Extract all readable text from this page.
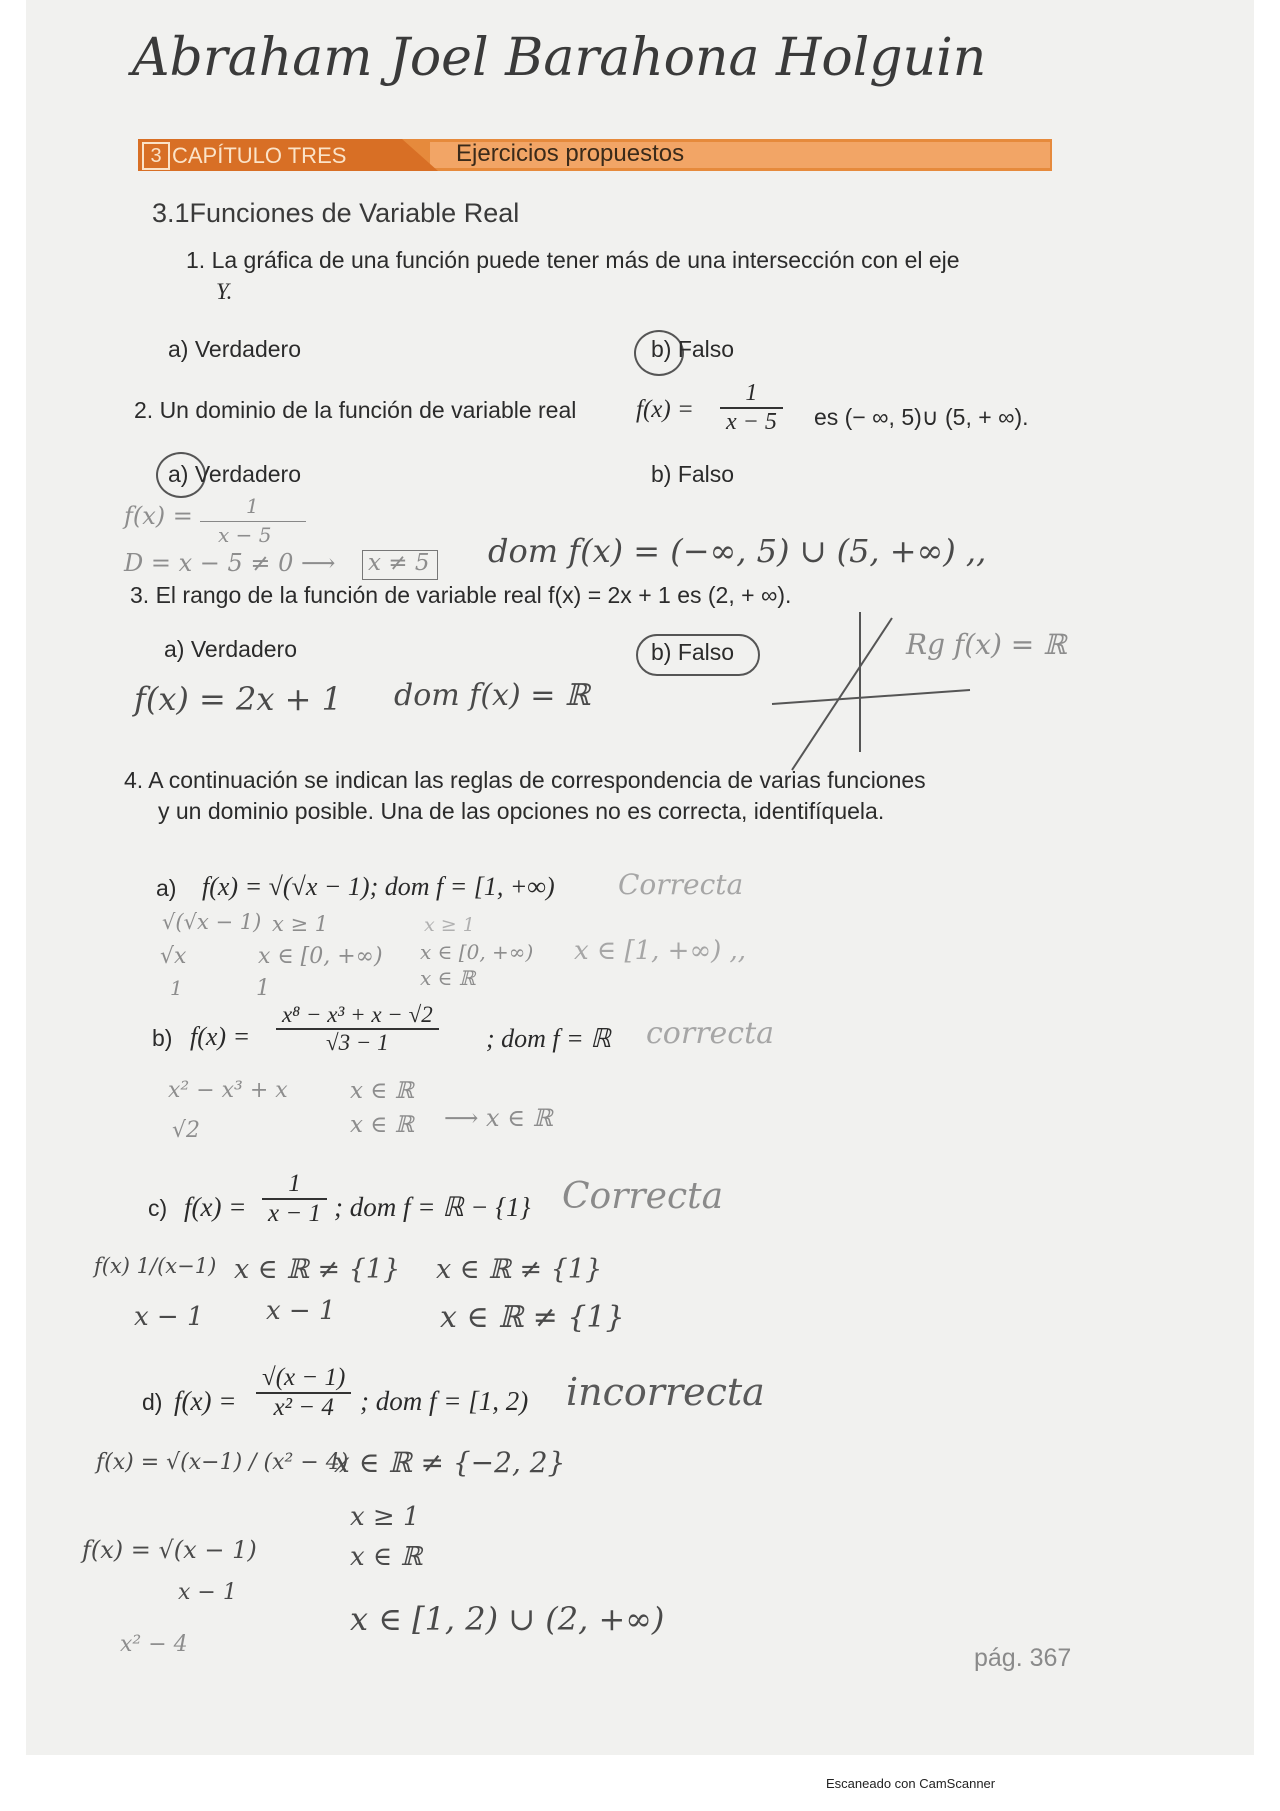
Abraham Joel Barahona Holguin
3 CAPÍTULO TRES	Ejercicios propuestos
3.1Funciones de Variable Real
1. La gráfica de una función puede tener más de una intersección con el eje
Y.
a) Verdadero	b) Falso
2. Un dominio de la función de variable real $f(x) = \frac{1}{x - 5}$ es (− ∞, 5)∪ (5, + ∞).
a) Verdadero	b) Falso
f(x) =	1
x − 5
D = x − 5 ≠ 0 ⟶ x ≠ 5 dom f(x) = (−∞, 5) ∪ (5, +∞) ,,
3. El rango de la función de variable real f(x) = 2x + 1 es (2, + ∞).
a) Verdadero	b) Falso
f(x) = 2x + 1 dom f(x) = ℝ
Rg f(x) = ℝ
4. A continuación se indican las reglas de correspondencia de varias funciones
y un dominio posible. Una de las opciones no es correcta, identifíquela.
a) f(x) = √(√x − 1); dom f = [1, +∞) Correcta
√(√x − 1) x ≥ 1	x ≥ 1
√x	x ∈ [0, +∞) x ∈ [0, +∞) x ∈ [1, +∞) ,,
1	1	x ∈ ℝ
b) $f(x) = \frac{\text{x⁸ − x³ + x − √2}}{√3 - 1}$ ; dom f = ℝ correcta
x² − x³ + x	x ∈ ℝ
√2	x ∈ ℝ ⟶ x ∈ ℝ
c) $f(x) = \frac{1}{x - 1}$ ; dom f = ℝ − {1} Correcta
f(x) 1/(x−1) x ∈ ℝ ≠ {1} x ∈ ℝ ≠ {1}
x − 1 x − 1	x ∈ ℝ ≠ {1}
d) $f(x) = \frac{√(x - 1)}{\text{x² − 4}}$ ; dom f = [1, 2) incorrecta
f(x) = √(x−1) / (x² − 4)
x ∈ ℝ ≠ {−2, 2}
x ≥ 1
f(x) = √(x − 1)	x ∈ ℝ
x − 1
x ∈ [1, 2) ∪ (2, +∞)
x² − 4	pág. 367
Escaneado con CamScanner
